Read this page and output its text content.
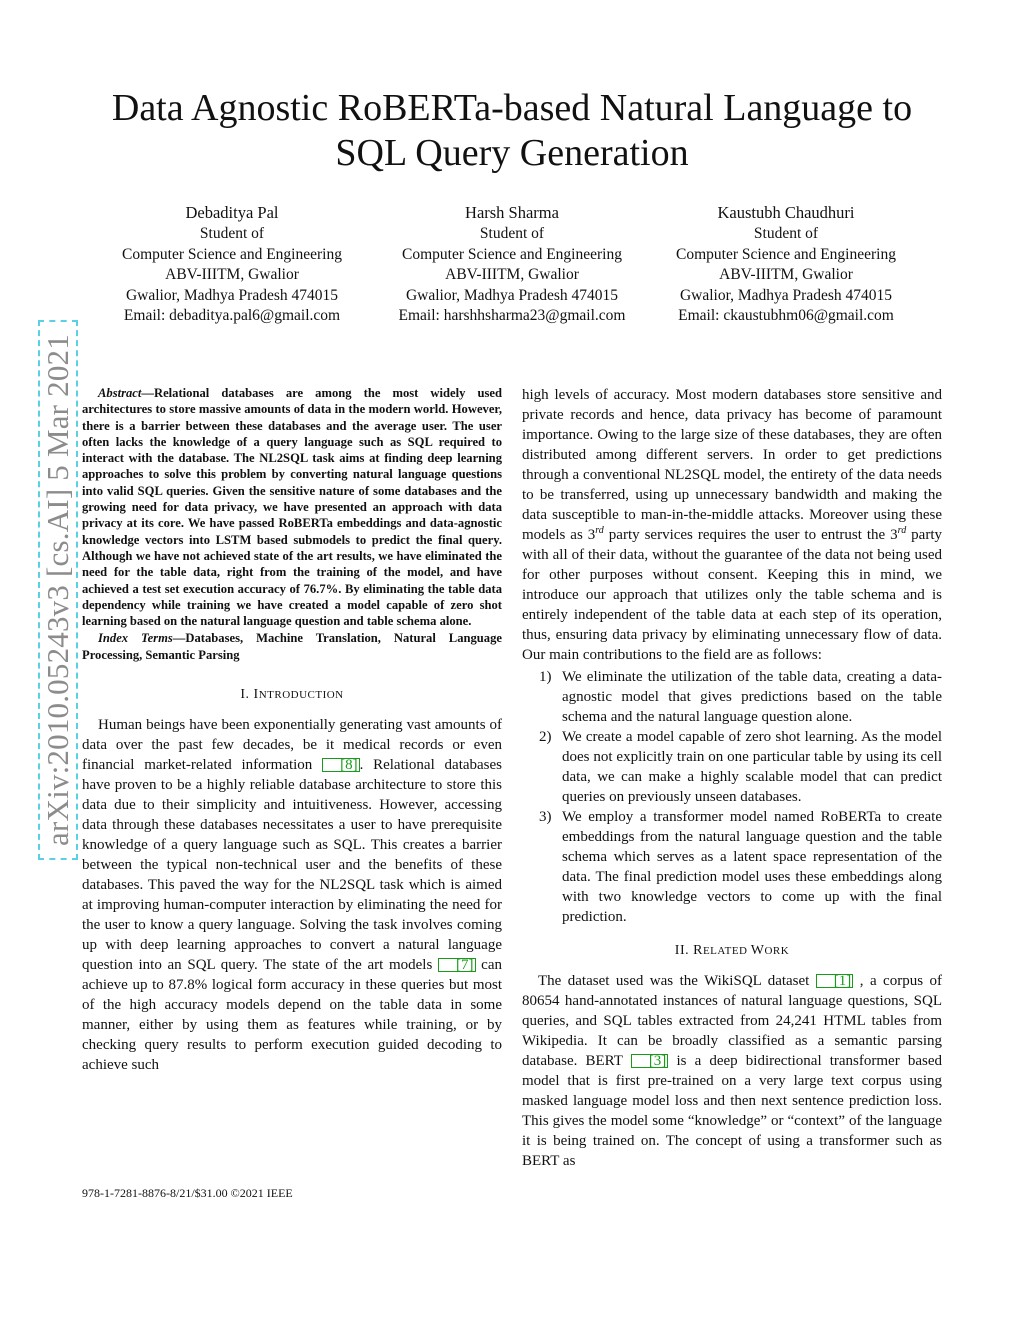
Data Agnostic RoBERTa-based Natural Language to SQL Query Generation
Debaditya Pal
Student of
Computer Science and Engineering
ABV-IIITM, Gwalior
Gwalior, Madhya Pradesh 474015
Email: debaditya.pal6@gmail.com
Harsh Sharma
Student of
Computer Science and Engineering
ABV-IIITM, Gwalior
Gwalior, Madhya Pradesh 474015
Email: harshhsharma23@gmail.com
Kaustubh Chaudhuri
Student of
Computer Science and Engineering
ABV-IIITM, Gwalior
Gwalior, Madhya Pradesh 474015
Email: ckaustubhm06@gmail.com
arXiv:2010.05243v3 [cs.AI] 5 Mar 2021	Abstract—Relational databases are among the most widely used architectures to store massive amounts of data in the modern world. However, there is a barrier between these databases and the average user. The user often lacks the knowledge of a query language such as SQL required to interact with the database. The NL2SQL task aims at finding deep learning approaches to solve this problem by converting natural language questions into valid SQL queries. Given the sensitive nature of some databases and the growing need for data privacy, we have presented an approach with data privacy at its core. We have passed RoBERTa embeddings and data-agnostic knowledge vectors into LSTM based submodels to predict the final query. Although we have not achieved state of the art results, we have eliminated the need for the table data, right from the training of the model, and have achieved a test set execution accuracy of 76.7%. By eliminating the table data dependency while training we have created a model capable of zero shot learning based on the natural language question and table schema alone.

Index Terms—Databases, Machine Translation, Natural Language Processing, Semantic Parsing

I. INTRODUCTION

Human beings have been exponentially generating vast amounts of data over the past few decades, be it medical records or even financial market-related information [8] . Relational databases have proven to be a highly reliable database architecture to store this data due to their simplicity and intuitiveness. However, accessing data through these databases necessitates a user to have prerequisite knowledge of a query language such as SQL. This creates a barrier between the typical non-technical user and the benefits of these databases. This paved the way for the NL2SQL task which is aimed at improving human-computer interaction by eliminating the need for the user to know a query language. Solving the task involves coming up with deep learning approaches to convert a natural language question into an SQL query. The state of the art models [7] can achieve up to 87.8% logical form accuracy in these queries but most of the high accuracy models depend on the table data in some manner, either by using them as features while training, or by checking query results to perform execution guided decoding to achieve such

high levels of accuracy. Most modern databases store sensitive and private records and hence, data privacy has become of paramount importance. Owing to the large size of these databases, they are often distributed among different servers. In order to get predictions through a conventional NL2SQL model, the entirety of the data needs to be transferred, using up unnecessary bandwidth and making the data susceptible to man-in-the-middle attacks. Moreover using these models as 3rd party services requires the user to entrust the 3rd party with all of their data, without the guarantee of the data not being used for other purposes without consent. Keeping this in mind, we introduce our approach that utilizes only the table schema and is entirely independent of the table data at each step of its operation, thus, ensuring data privacy by eliminating unnecessary flow of data. Our main contributions to the field are as follows:

1) We eliminate the utilization of the table data, creating a data-agnostic model that gives predictions based on the table schema and the natural language question alone.
2) We create a model capable of zero shot learning. As the model does not explicitly train on one particular table by using its cell data, we can make a highly scalable model that can predict queries on previously unseen databases.
3) We employ a transformer model named RoBERTa to create embeddings from the natural language question and the table schema which serves as a latent space representation of the data. The final prediction model uses these embeddings along with two knowledge vectors to come up with the final prediction.
II. RELATED WORK

The dataset used was the WikiSQL dataset [1] , a corpus of 80654 hand-annotated instances of natural language questions, SQL queries, and SQL tables extracted from 24,241 HTML tables from Wikipedia. It can be broadly classified as a semantic parsing database. BERT [3] is a deep bidirectional transformer based model that is first pre-trained on a very large text corpus using masked language model loss and then next sentence prediction loss. This gives the model some “knowledge” or “context” of the language it is being trained on. The concept of using a transformer such as BERT as

978-1-7281-8876-8/21/$31.00 ©2021 IEEE
